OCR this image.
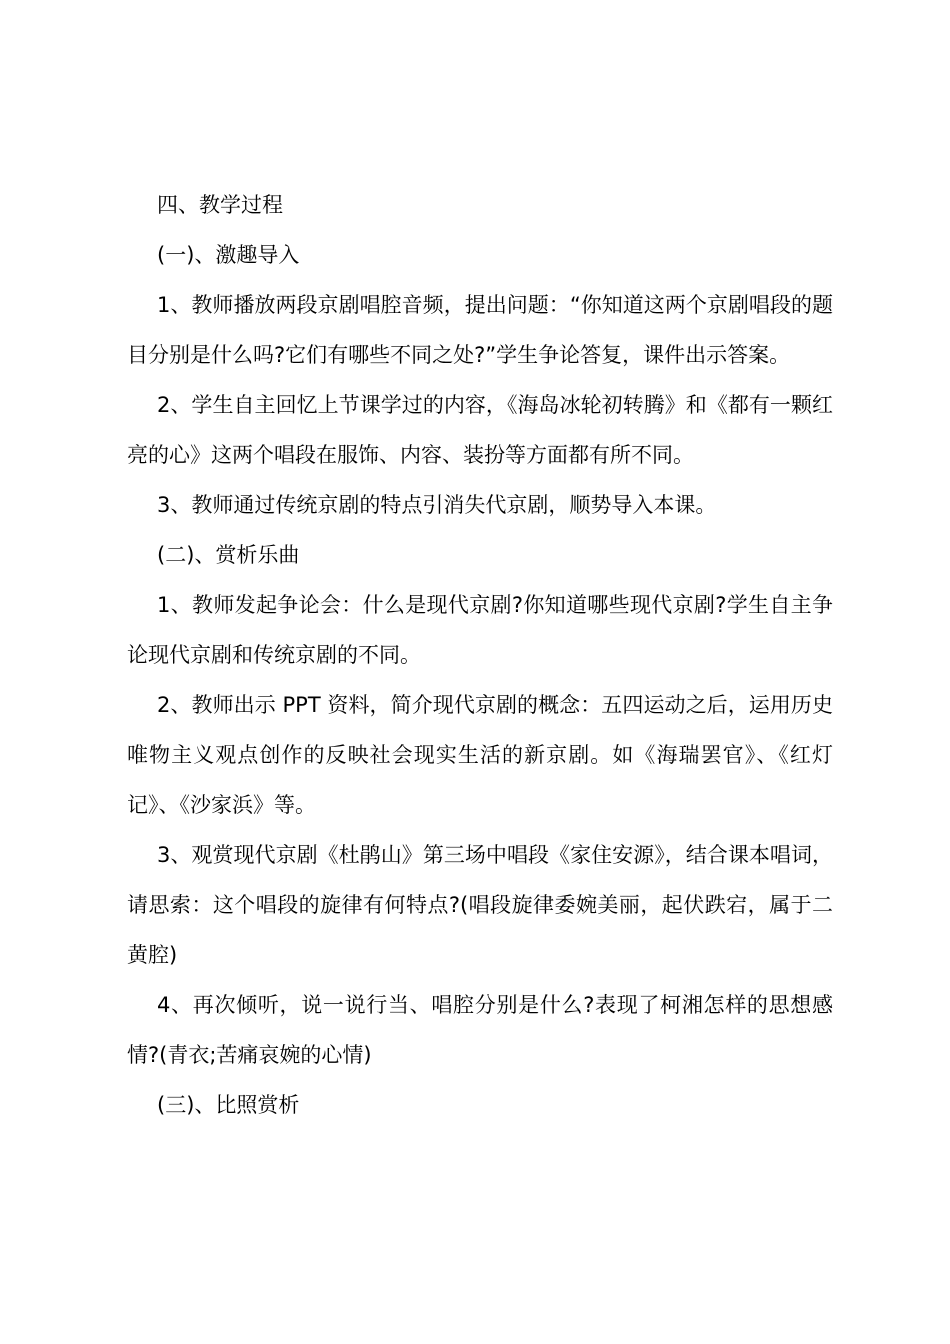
四、教学过程

(一)、激趣导入

1、教师播放两段京剧唱腔音频，提出问题：“你知道这两个京剧唱段的题目分别是什么吗?它们有哪些不同之处?”学生争论答复，课件出示答案。

2、学生自主回忆上节课学过的内容，《海岛冰轮初转腾》和《都有一颗红亮的心》这两个唱段在服饰、内容、装扮等方面都有所不同。

3、教师通过传统京剧的特点引消失代京剧，顺势导入本课。

(二)、赏析乐曲

1、教师发起争论会：什么是现代京剧?你知道哪些现代京剧?学生自主争论现代京剧和传统京剧的不同。

2、教师出示 PPT 资料，简介现代京剧的概念：五四运动之后，运用历史唯物主义观点创作的反映社会现实生活的新京剧。如《海瑞罢官》、《红灯记》、《沙家浜》等。

3、观赏现代京剧《杜鹃山》第三场中唱段《家住安源》，结合课本唱词，请思索：这个唱段的旋律有何特点?(唱段旋律委婉美丽，起伏跌宕，属于二黄腔)

4、再次倾听，说一说行当、唱腔分别是什么?表现了柯湘怎样的思想感情?(青衣;苦痛哀婉的心情)

(三)、比照赏析
